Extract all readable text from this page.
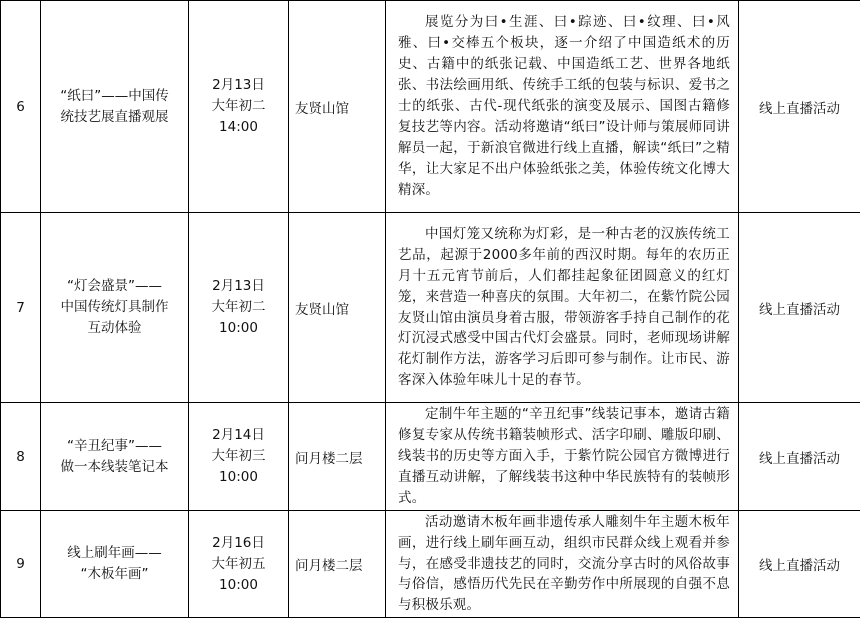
6	“纸曰”——中国传
统技艺展直播观展	2月13日
大年初二
14:00	友贤山馆	展览分为曰•生涯、曰•踪迹、曰•纹理、曰•风雅、曰•交棒五个板块，逐一介绍了中国造纸术的历史、古籍中的纸张记载、中国造纸工艺、世界各地纸张、书法绘画用纸、传统手工纸的包装与标识、爱书之士的纸张、古代-现代纸张的演变及展示、国图古籍修复技艺等内容。活动将邀请“纸曰”设计师与策展师同讲解员一起，于新浪官微进行线上直播，解读“纸曰”之精华，让大家足不出户体验纸张之美，体验传统文化博大精深。	线上直播活动
7	“灯会盛景”——
中国传统灯具制作
互动体验	2月13日
大年初二
10:00	友贤山馆	中国灯笼又统称为灯彩，是一种古老的汉族传统工艺品，起源于2000多年前的西汉时期。每年的农历正月十五元宵节前后，人们都挂起象征团圆意义的红灯笼，来营造一种喜庆的氛围。大年初二，在紫竹院公园友贤山馆由演员身着古服，带领游客手持自己制作的花灯沉浸式感受中国古代灯会盛景。同时，老师现场讲解花灯制作方法，游客学习后即可参与制作。让市民、游客深入体验年味儿十足的春节。	线上直播活动
8	“辛丑纪事”——
做一本线装笔记本	2月14日
大年初三
10:00	问月楼二层	定制牛年主题的“辛丑纪事”线装记事本，邀请古籍修复专家从传统书籍装帧形式、活字印刷、雕版印刷、线装书的历史等方面入手，于紫竹院公园官方微博进行直播互动讲解，了解线装书这种中华民族特有的装帧形式。	线上直播活动
9	线上刷年画——
“木板年画”	2月16日
大年初五
10:00	问月楼二层	活动邀请木板年画非遗传承人雕刻牛年主题木板年画，进行线上刷年画互动，组织市民群众线上观看并参与，在感受非遗技艺的同时，交流分享古时的风俗故事与俗信，感悟历代先民在辛勤劳作中所展现的自强不息与积极乐观。	线上直播活动
